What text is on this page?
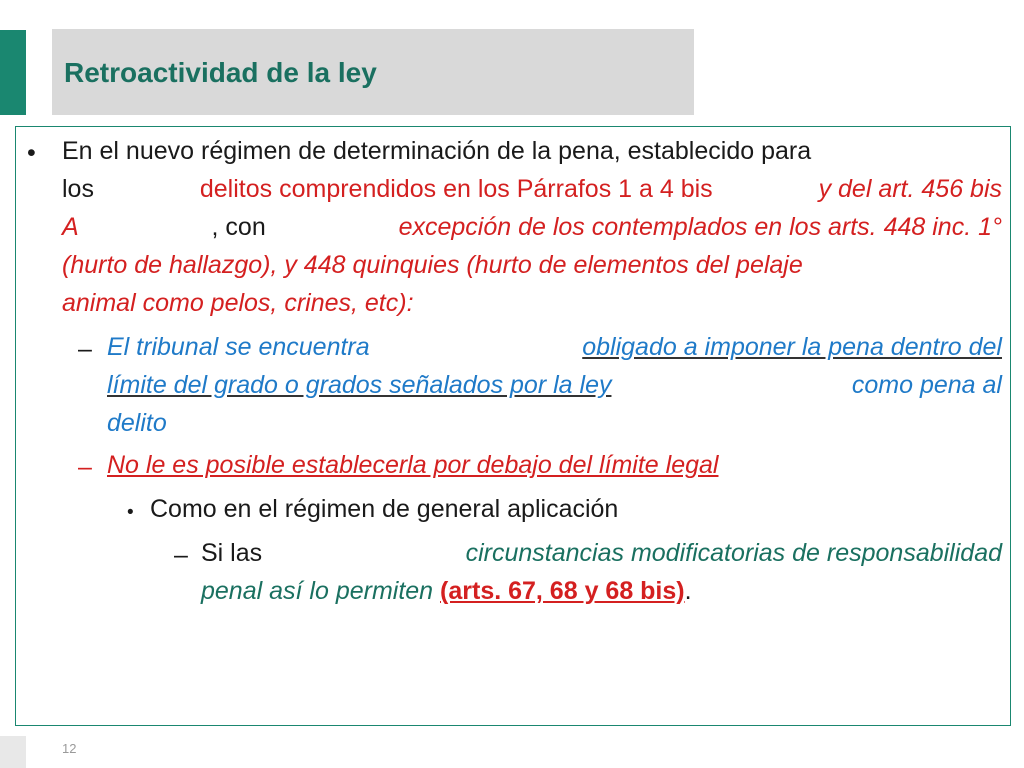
Retroactividad de la ley
• En el nuevo régimen de determinación de la pena, establecido para
los	delitos comprendidos en los Párrafos 1 a 4 bis	y del art. 456 bis
A	, con	excepción de los contemplados en los arts. 448 inc. 1°
(hurto de hallazgo), y 448 quinquies (hurto de elementos del pelaje
animal como pelos, crines, etc):
– El tribunal se encuentra	obligado a imponer la pena dentro del
límite del grado o grados señalados por la ley	como pena al
delito
– No le es posible establecerla por debajo del límite legal
• Como en el régimen de general aplicación
– Si las	circunstancias modificatorias de responsabilidad
penal así lo permiten (arts. 67, 68 y 68 bis).
12
